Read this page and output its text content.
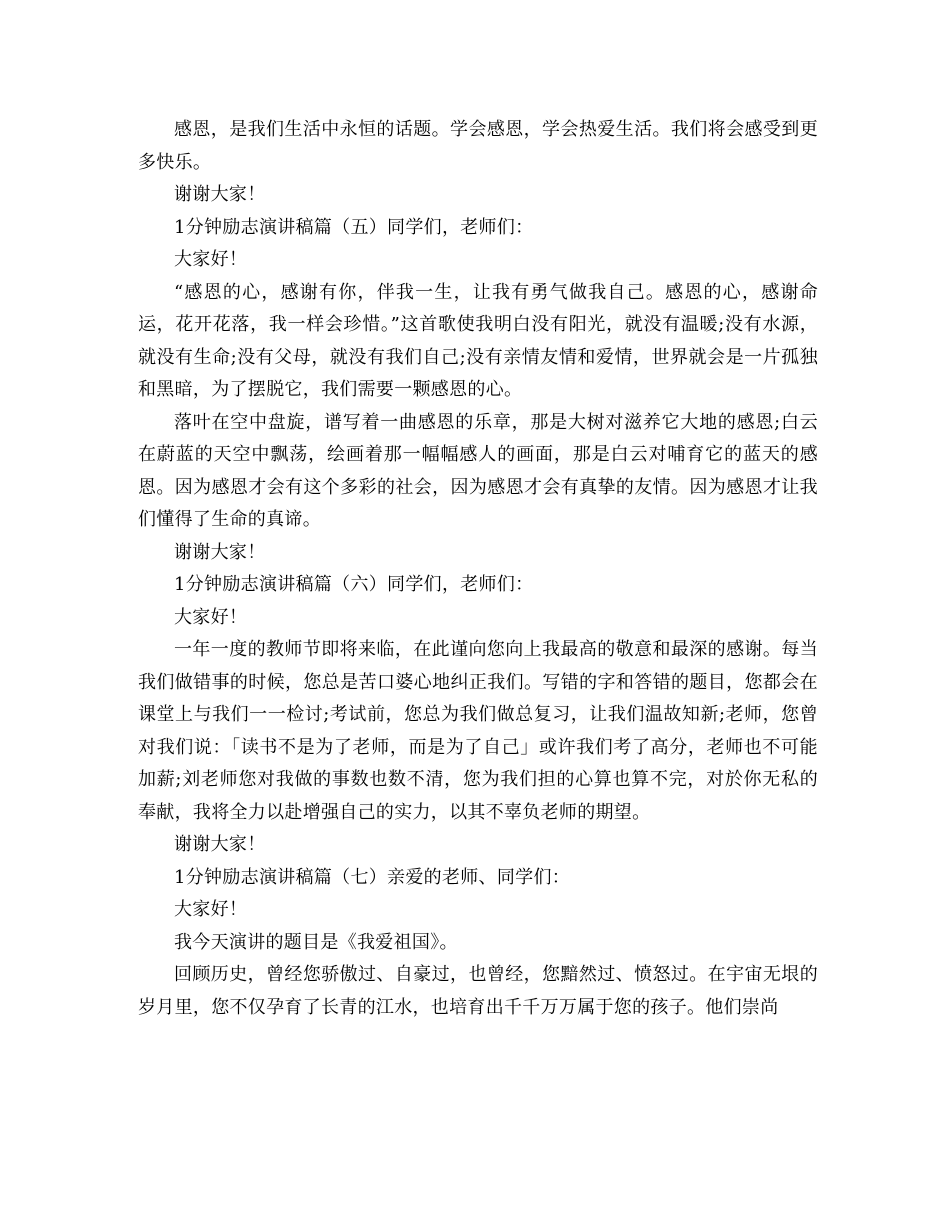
感恩，是我们生活中永恒的话题。学会感恩，学会热爱生活。我们将会感受到更多快乐。

谢谢大家！

1分钟励志演讲稿篇（五）同学们，老师们：

大家好！

“感恩的心，感谢有你，伴我一生，让我有勇气做我自己。感恩的心，感谢命运，花开花落，我一样会珍惜。”这首歌使我明白没有阳光，就没有温暖;没有水源，就没有生命;没有父母，就没有我们自己;没有亲情友情和爱情，世界就会是一片孤独和黑暗，为了摆脱它，我们需要一颗感恩的心。

落叶在空中盘旋，谱写着一曲感恩的乐章，那是大树对滋养它大地的感恩;白云在蔚蓝的天空中飘荡，绘画着那一幅幅感人的画面，那是白云对哺育它的蓝天的感恩。因为感恩才会有这个多彩的社会，因为感恩才会有真挚的友情。因为感恩才让我们懂得了生命的真谛。

谢谢大家！

1分钟励志演讲稿篇（六）同学们，老师们：

大家好！

一年一度的教师节即将来临，在此谨向您向上我最高的敬意和最深的感谢。每当我们做错事的时候，您总是苦口婆心地纠正我们。写错的字和答错的题目，您都会在课堂上与我们一一检讨;考试前，您总为我们做总复习，让我们温故知新;老师，您曾对我们说：「读书不是为了老师，而是为了自己」或许我们考了高分，老师也不可能加薪;刘老师您对我做的事数也数不清，您为我们担的心算也算不完，对於你无私的奉献，我将全力以赴增强自己的实力，以其不辜负老师的期望。

谢谢大家！

1分钟励志演讲稿篇（七）亲爱的老师、同学们：

大家好！

我今天演讲的题目是《我爱祖国》。

回顾历史，曾经您骄傲过、自豪过，也曾经，您黯然过、愤怒过。在宇宙无垠的岁月里，您不仅孕育了长青的江水，也培育出千千万万属于您的孩子。他们崇尚
